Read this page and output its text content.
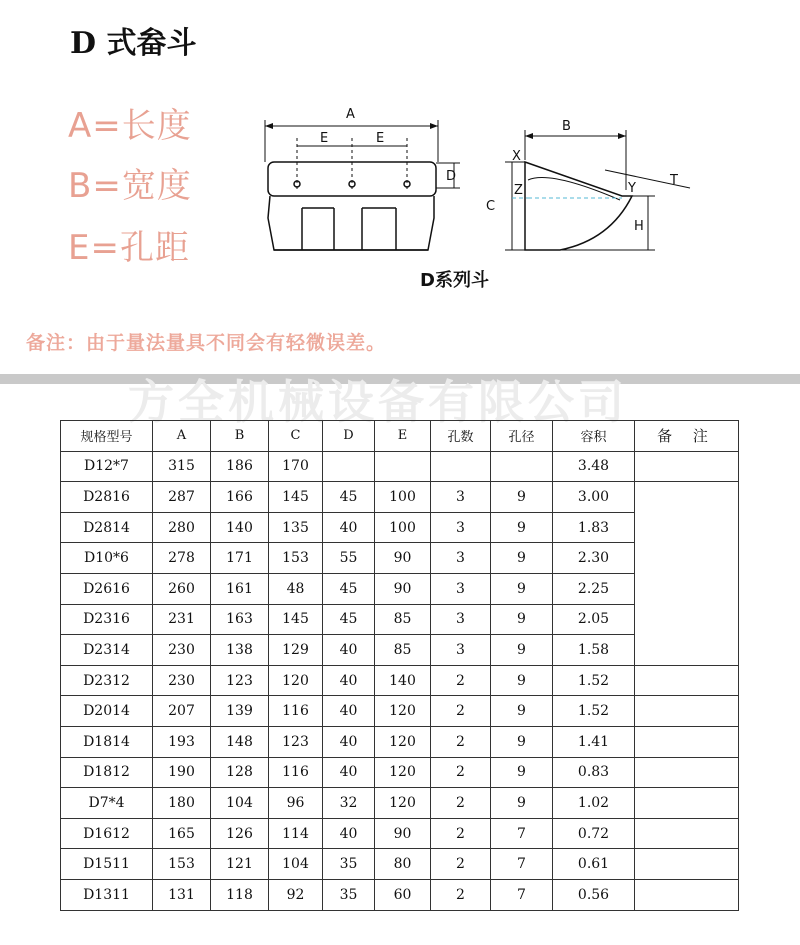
D 式畚斗
A=长度
B=宽度
E=孔距
A
E	E
D
B
X
Z
C
Y
T
H
D系列斗
备注：由于量法量具不同会有轻微误差。
方全机械设备有限公司
规格型号	A	B	C	D	E	孔数	孔径	容积	备 注
D12*7	315	186	170					3.48	
D2816	287	166	145	45	100	3	9	3.00	
D2814	280	140	135	40	100	3	9	1.83	
D10*6	278	171	153	55	90	3	9	2.30	
D2616	260	161	48	45	90	3	9	2.25	
D2316	231	163	145	45	85	3	9	2.05	
D2314	230	138	129	40	85	3	9	1.58	
D2312	230	123	120	40	140	2	9	1.52	
D2014	207	139	116	40	120	2	9	1.52	
D1814	193	148	123	40	120	2	9	1.41	
D1812	190	128	116	40	120	2	9	0.83	
D7*4	180	104	96	32	120	2	9	1.02	
D1612	165	126	114	40	90	2	7	0.72	
D1511	153	121	104	35	80	2	7	0.61	
D1311	131	118	92	35	60	2	7	0.56	
